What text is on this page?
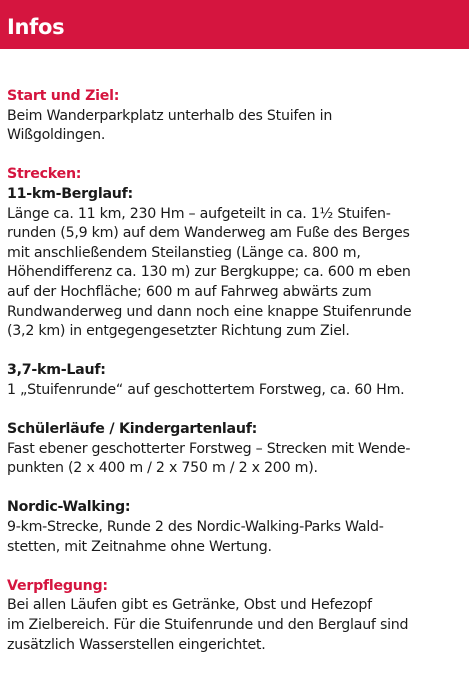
Infos
Start und Ziel:
Beim Wanderparkplatz unterhalb des Stuifen in
Wißgoldingen.
Strecken:
11-km-Berglauf:
Länge ca. 11 km, 230 Hm – aufgeteilt in ca. 1½ Stuifen-
runden (5,9 km) auf dem Wanderweg am Fuße des Berges
mit anschließendem Steilanstieg (Länge ca. 800 m,
Höhendifferenz ca. 130 m) zur Bergkuppe; ca. 600 m eben
auf der Hochfläche; 600 m auf Fahrweg abwärts zum
Rundwanderweg und dann noch eine knappe Stuifenrunde
(3,2 km) in entgegengesetzter Richtung zum Ziel.
3,7-km-Lauf:
1 „Stuifenrunde“ auf geschottertem Forstweg, ca. 60 Hm.
Schülerläufe / Kindergartenlauf:
Fast ebener geschotterter Forstweg – Strecken mit Wende-
punkten (2 x 400 m / 2 x 750 m / 2 x 200 m).
Nordic-Walking:
9-km-Strecke, Runde 2 des Nordic-Walking-Parks Wald-
stetten, mit Zeitnahme ohne Wertung.
Verpflegung:
Bei allen Läufen gibt es Getränke, Obst und Hefezopf
im Zielbereich. Für die Stuifenrunde und den Berglauf sind
zusätzlich Wasserstellen eingerichtet.
